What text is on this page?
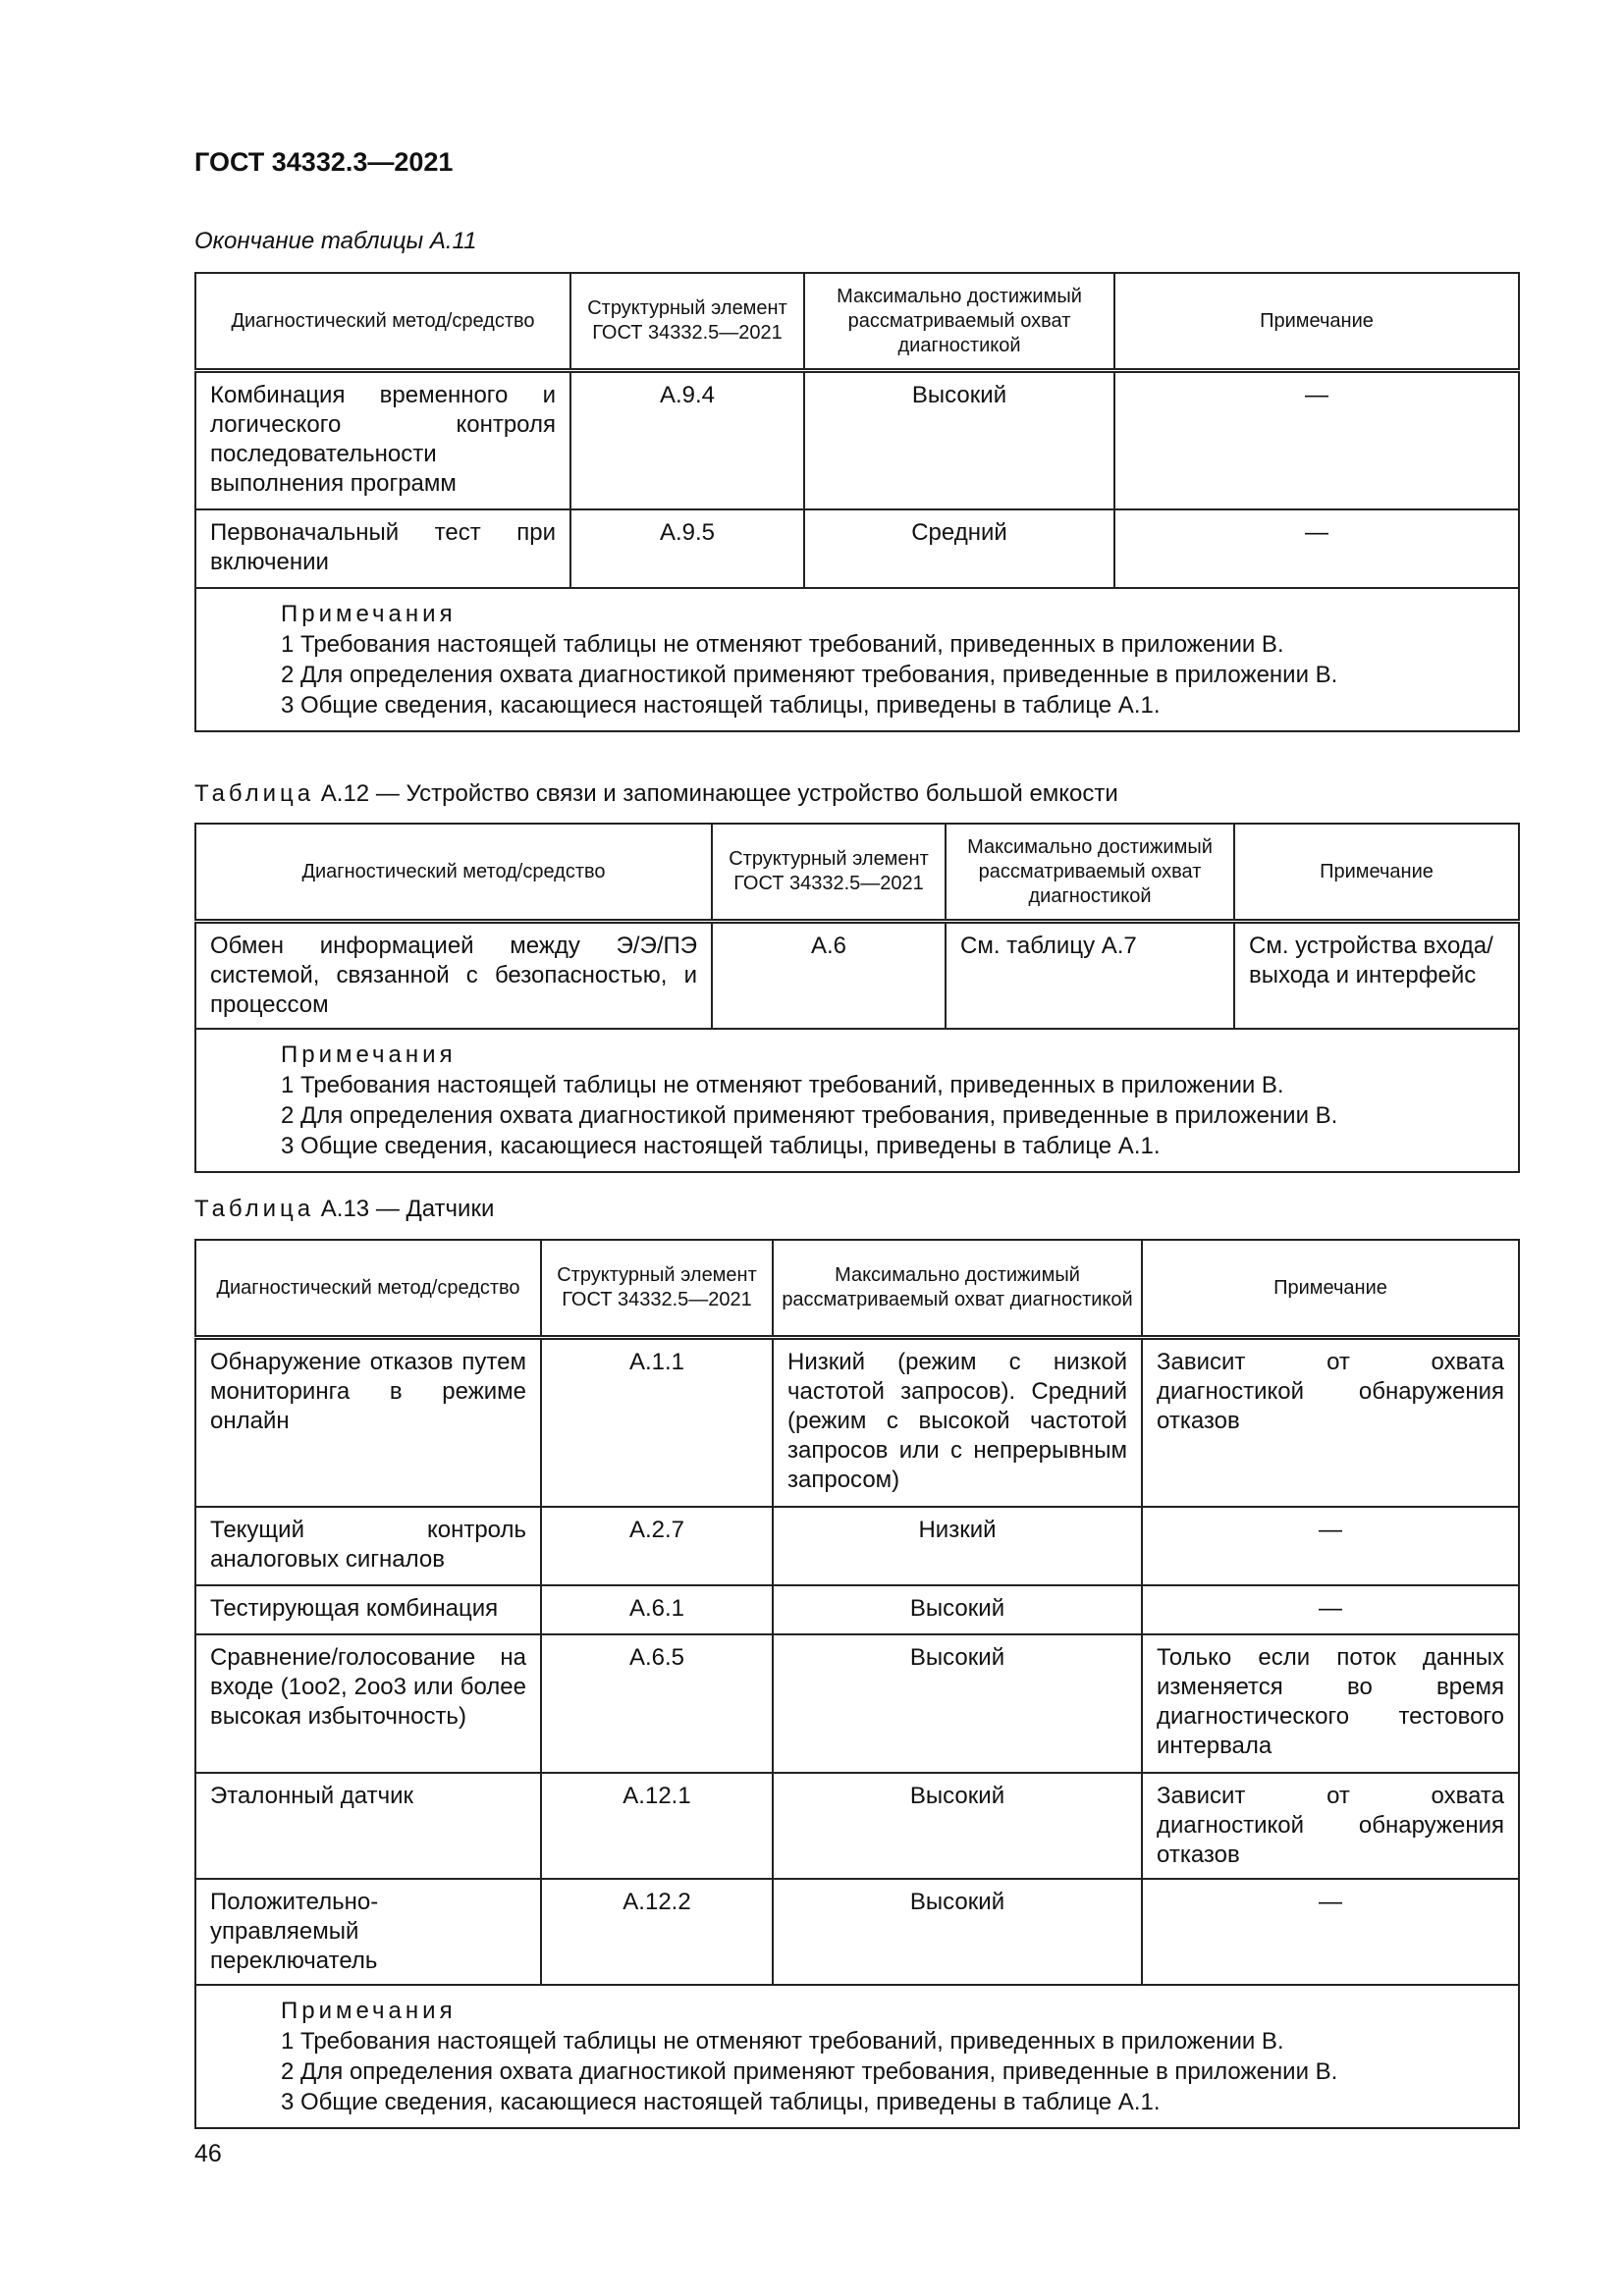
ГОСТ 34332.3—2021
Окончание таблицы А.11
Диагностический метод/средство	Структурный элемент ГОСТ 34332.5—2021	Максимально достижимый рассматриваемый охват диагностикой	Примечание
Комбинация временного и логического контроля последовательности выполнения программ	А.9.4	Высокий	—
Первоначальный тест при включении	А.9.5	Средний	—

Примечания
1 Требования настоящей таблицы не отменяют требований, приведенных в приложении В.
2 Для определения охвата диагностикой применяют требования, приведенные в приложении В.
3 Общие сведения, касающиеся настоящей таблицы, приведены в таблице А.1.			
Таблица А.12 — Устройство связи и запоминающее устройство большой емкости
Диагностический метод/средство	Структурный элемент ГОСТ 34332.5—2021	Максимально достижимый рассматриваемый охват диагностикой	Примечание
Обмен информацией между Э/Э/ПЭ системой, связанной с безопасностью, и процессом	А.6	См. таблицу А.7	См. устройства входа/выхода и интерфейс

Примечания
1 Требования настоящей таблицы не отменяют требований, приведенных в приложении В.
2 Для определения охвата диагностикой применяют требования, приведенные в приложении В.
3 Общие сведения, касающиеся настоящей таблицы, приведены в таблице А.1.			
Таблица А.13 — Датчики
Диагностический метод/средство	Структурный элемент ГОСТ 34332.5—2021	Максимально достижимый рассматриваемый охват диагностикой	Примечание
Обнаружение отказов путем мониторинга в режиме онлайн	А.1.1	Низкий (режим с низкой частотой запросов). Средний (режим с высокой частотой запросов или с непрерывным запросом)	Зависит от охвата диагностикой обнаружения отказов
Текущий контроль аналоговых сигналов	А.2.7	Низкий	—
Тестирующая комбинация	А.6.1	Высокий	—
Сравнение/голосование на входе (1оо2, 2оо3 или более высокая избыточность)	А.6.5	Высокий	Только если поток данных изменяется во время диагностического тестового интервала
Эталонный датчик	А.12.1	Высокий	Зависит от охвата диагностикой обнаружения отказов
Положительно-управляемый переключатель	А.12.2	Высокий	—

Примечания
1 Требования настоящей таблицы не отменяют требований, приведенных в приложении В.
2 Для определения охвата диагностикой применяют требования, приведенные в приложении В.
3 Общие сведения, касающиеся настоящей таблицы, приведены в таблице А.1.			
46
